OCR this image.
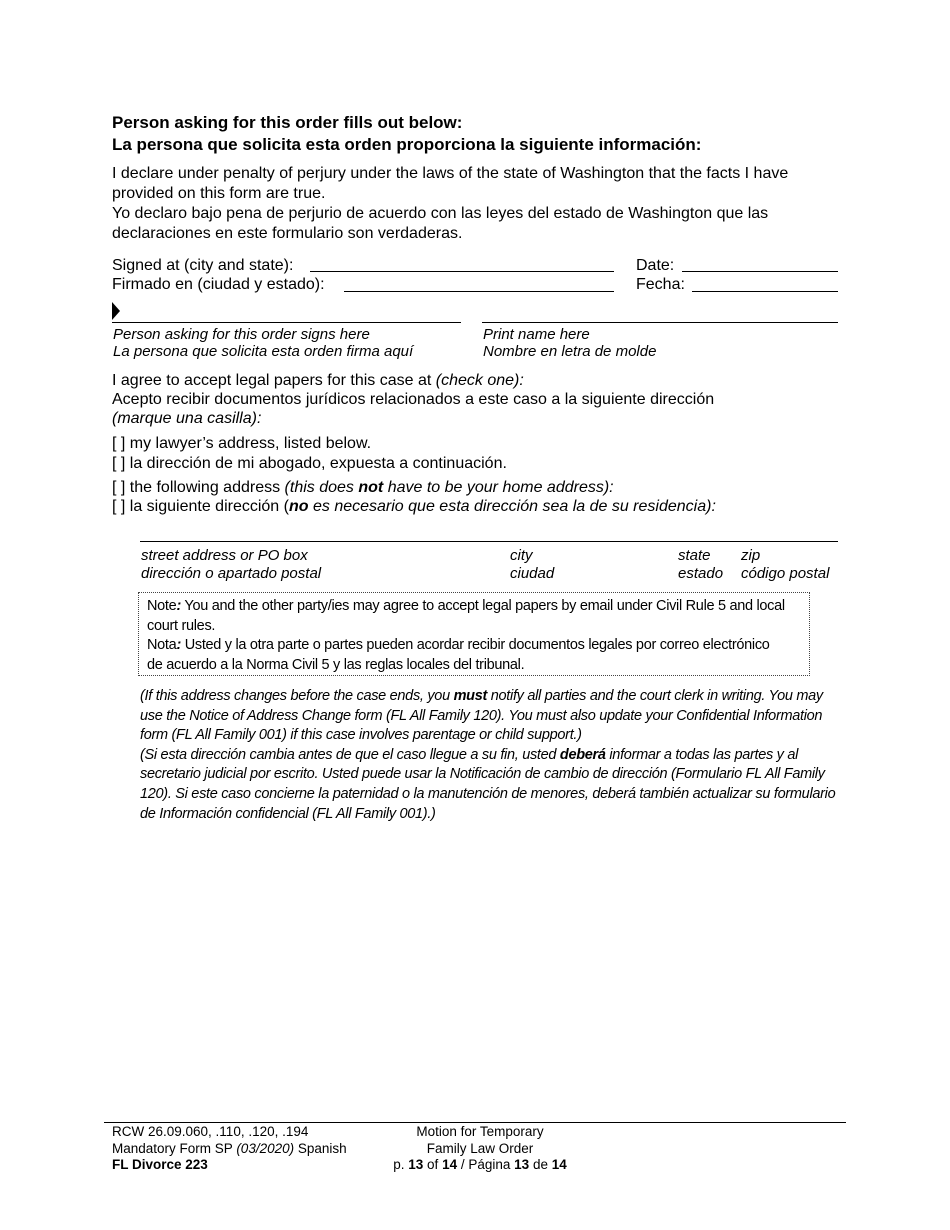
Person asking for this order fills out below:
La persona que solicita esta orden proporciona la siguiente información:
I declare under penalty of perjury under the laws of the state of Washington that the facts I have
provided on this form are true.
Yo declaro bajo pena de perjurio de acuerdo con las leyes del estado de Washington que las
declaraciones en este formulario son verdaderas.
Signed at (city and state):
Firmado en (ciudad y estado):
Date:
Fecha:
Person asking for this order signs here
La persona que solicita esta orden firma aquí
Print name here
Nombre en letra de molde
I agree to accept legal papers for this case at (check one):
Acepto recibir documentos jurídicos relacionados a este caso a la siguiente dirección
(marque una casilla):
[ ] my lawyer’s address, listed below.
[ ] la dirección de mi abogado, expuesta a continuación.
[ ] the following address (this does not have to be your home address):
[ ] la siguiente dirección (no es necesario que esta dirección sea la de su residencia):
street address or PO box
dirección o apartado postal
city
ciudad
state
estado
zip
código postal
Note: You and the other party/ies may agree to accept legal papers by email under Civil Rule 5 and local
court rules.
Nota: Usted y la otra parte o partes pueden acordar recibir documentos legales por correo electrónico
de acuerdo a la Norma Civil 5 y las reglas locales del tribunal.
(If this address changes before the case ends, you must notify all parties and the court clerk in writing. You may use the Notice of Address Change form (FL All Family 120). You must also update your Confidential Information form (FL All Family 001) if this case involves parentage or child support.)
(Si esta dirección cambia antes de que el caso llegue a su fin, usted deberá informar a todas las partes y al secretario judicial por escrito. Usted puede usar la Notificación de cambio de dirección (Formulario FL All Family 120). Si este caso concierne la paternidad o la manutención de menores, deberá también actualizar su formulario de Información confidencial (FL All Family 001).)
RCW 26.09.060, .110, .120, .194
Mandatory Form SP (03/2020) Spanish
FL Divorce 223
Motion for Temporary
Family Law Order
p. 13 of 14 / Página 13 de 14
